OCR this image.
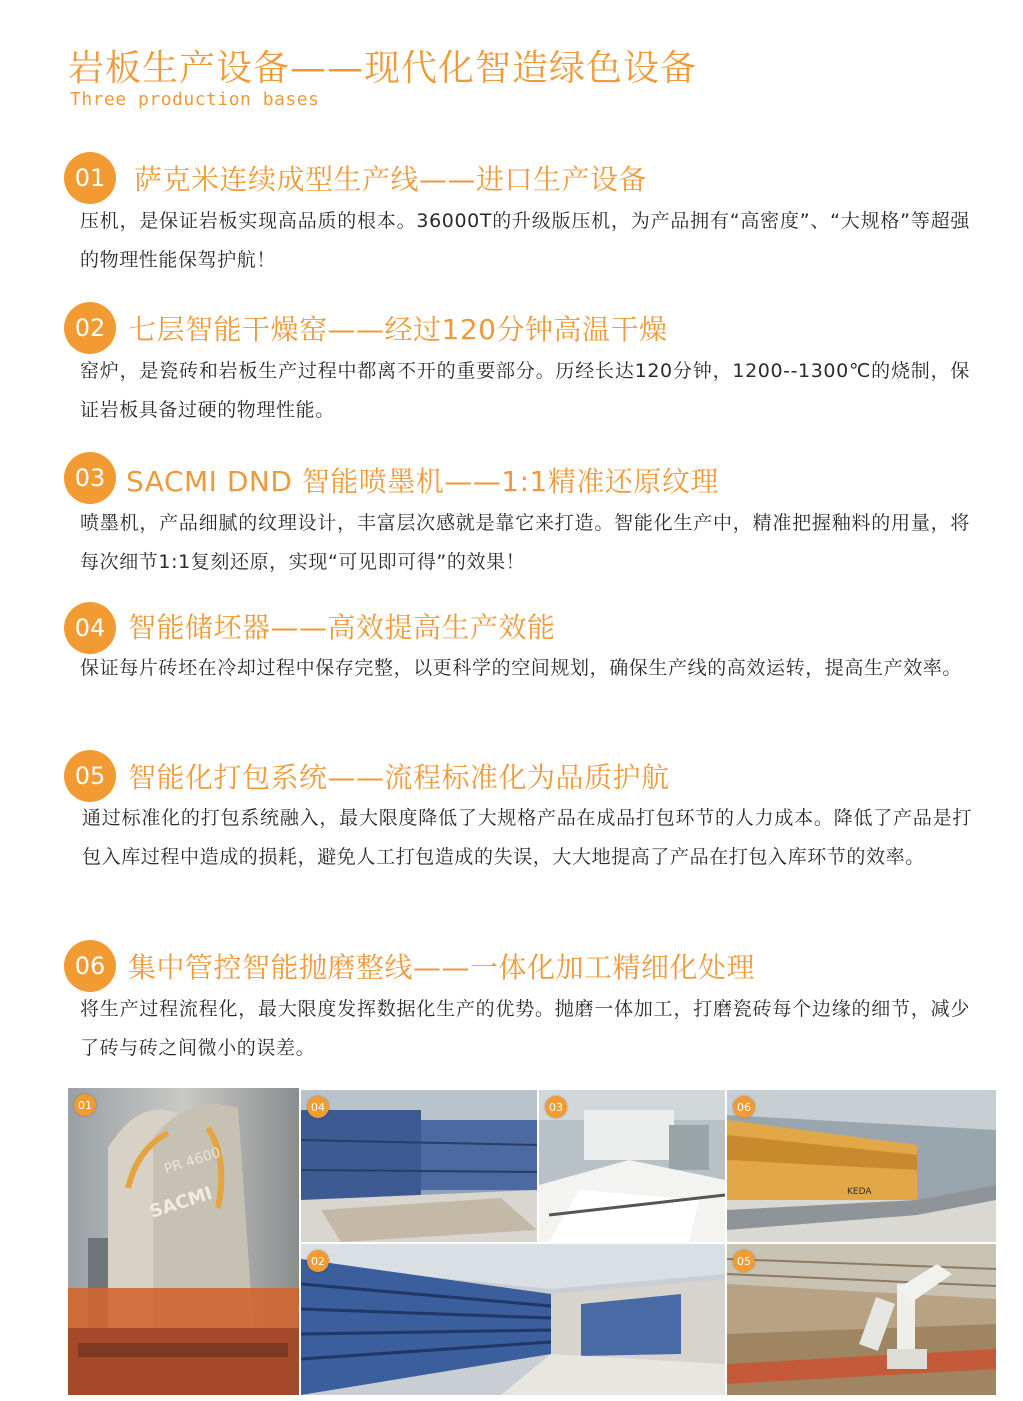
岩板生产设备——现代化智造绿色设备
Three production bases
01	萨克米连续成型生产线——进口生产设备
压机，是保证岩板实现高品质的根本。36000T的升级版压机，为产品拥有“高密度”、“大规格”等超强的物理性能保驾护航！
02 七层智能干燥窑——经过120分钟高温干燥
窑炉，是瓷砖和岩板生产过程中都离不开的重要部分。历经长达120分钟，1200--1300℃的烧制，保证岩板具备过硬的物理性能。
03 SACMI DND 智能喷墨机——1:1精准还原纹理
喷墨机，产品细腻的纹理设计，丰富层次感就是靠它来打造。智能化生产中，精准把握釉料的用量，将每次细节1:1复刻还原，实现“可见即可得”的效果！
04 智能储坯器——高效提高生产效能
保证每片砖坯在冷却过程中保存完整，以更科学的空间规划，确保生产线的高效运转，提高生产效率。
05 智能化打包系统——流程标准化为品质护航
通过标准化的打包系统融入，最大限度降低了大规格产品在成品打包环节的人力成本。降低了产品是打包入库过程中造成的损耗，避免人工打包造成的失误，大大地提高了产品在打包入库环节的效率。
06 集中管控智能抛磨整线——一体化加工精细化处理
将生产过程流程化，最大限度发挥数据化生产的优势。抛磨一体加工，打磨瓷砖每个边缘的细节，减少了砖与砖之间微小的误差。
PR 4600
SACMI
01	04	03
KEDA
06
02	05
